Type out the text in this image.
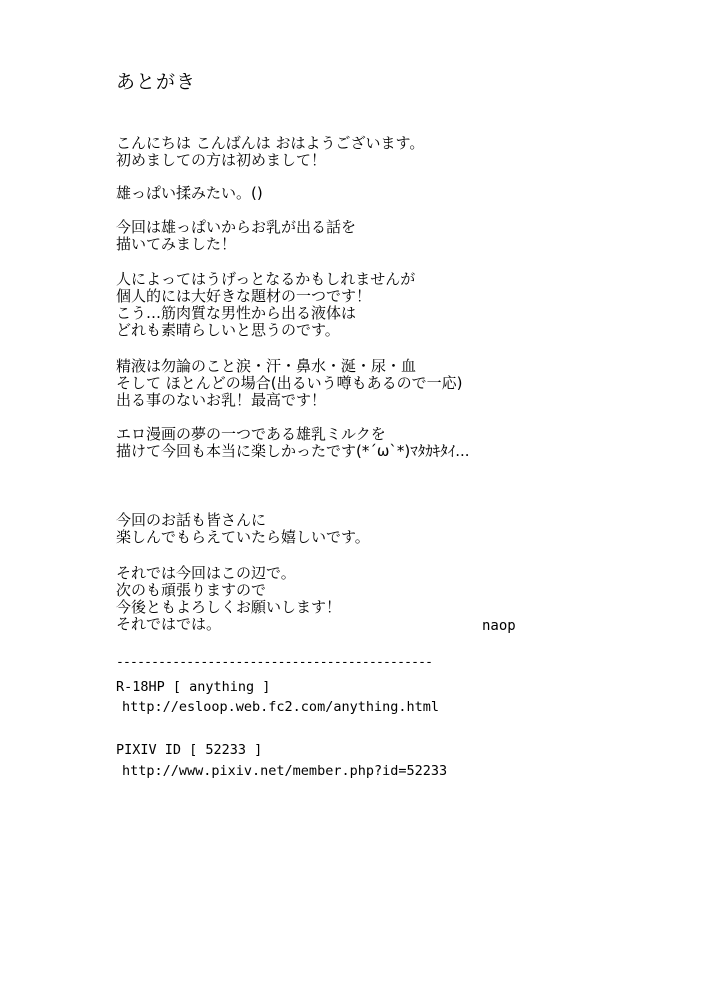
あとがき
こんにちは こんばんは おはようございます。
初めましての方は初めまして！
雄っぱい揉みたい。()
今回は雄っぱいからお乳が出る話を
描いてみました！
人によってはうげっとなるかもしれませんが
個人的には大好きな題材の一つです！
こう…筋肉質な男性から出る液体は
どれも素晴らしいと思うのです。
精液は勿論のこと涙・汗・鼻水・涎・尿・血
そして ほとんどの場合(出るいう噂もあるので一応)
出る事のないお乳！最高です！
エロ漫画の夢の一つである雄乳ミルクを
描けて今回も本当に楽しかったです(*´ω`*)ﾏﾀｶｷﾀｲ...
今回のお話も皆さんに
楽しんでもらえていたら嬉しいです。
それでは今回はこの辺で。
次のも頑張りますので
今後ともよろしくお願いします！
それではでは。	naop
---------------------------------------------
R-18HP [ anything ]
http://esloop.web.fc2.com/anything.html
PIXIV ID [ 52233 ]
http://www.pixiv.net/member.php?id=52233
